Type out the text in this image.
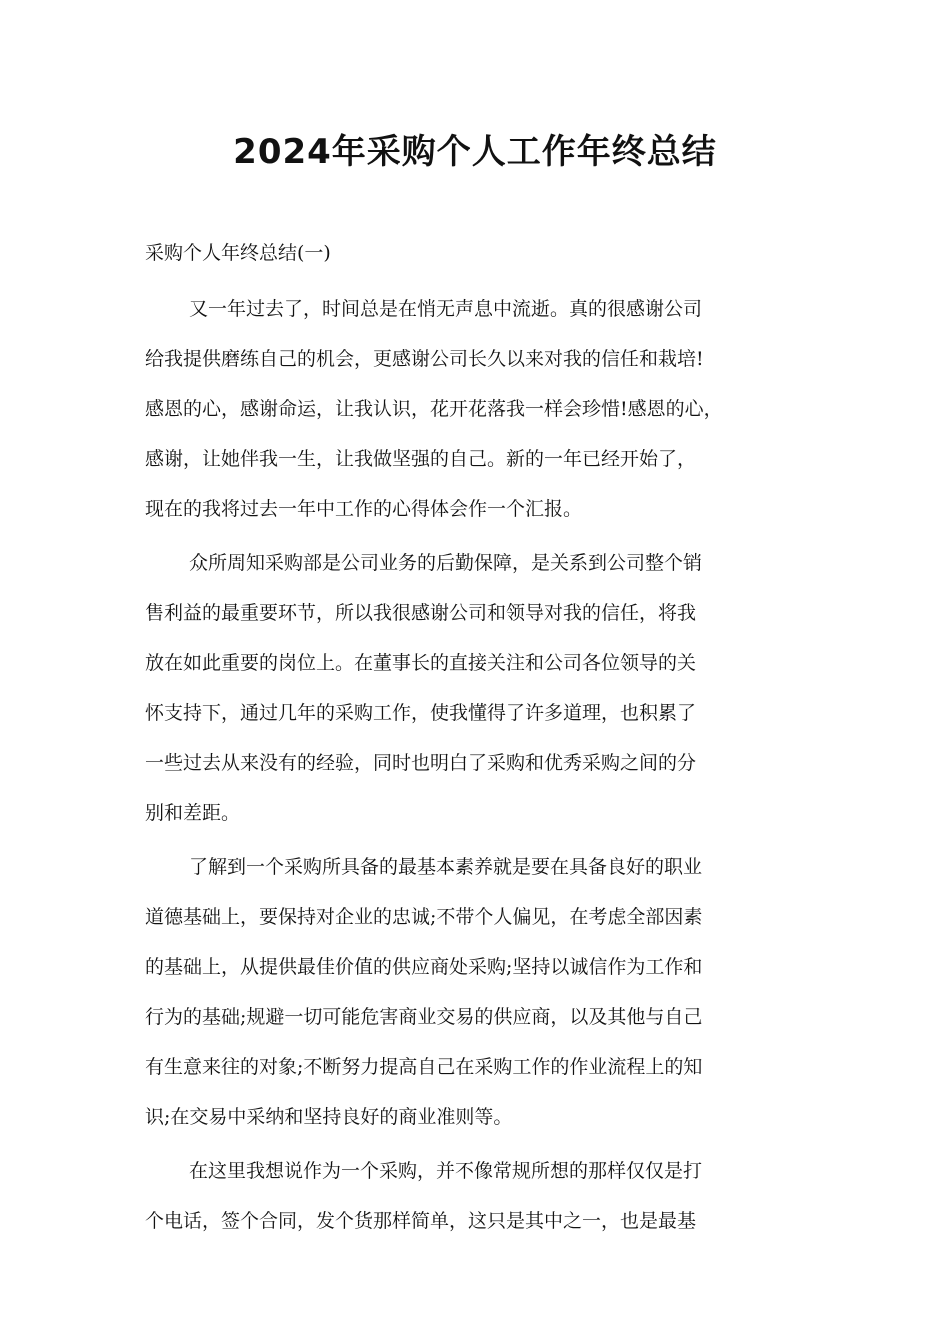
2024年采购个人工作年终总结
采购个人年终总结(一)
又一年过去了，时间总是在悄无声息中流逝。真的很感谢公司
给我提供磨练自己的机会，更感谢公司长久以来对我的信任和栽培!
感恩的心，感谢命运，让我认识，花开花落我一样会珍惜!感恩的心，
感谢，让她伴我一生，让我做坚强的自己。新的一年已经开始了，
现在的我将过去一年中工作的心得体会作一个汇报。
众所周知采购部是公司业务的后勤保障，是关系到公司整个销
售利益的最重要环节，所以我很感谢公司和领导对我的信任，将我
放在如此重要的岗位上。在董事长的直接关注和公司各位领导的关
怀支持下，通过几年的采购工作，使我懂得了许多道理，也积累了
一些过去从来没有的经验，同时也明白了采购和优秀采购之间的分
别和差距。
了解到一个采购所具备的最基本素养就是要在具备良好的职业
道德基础上，要保持对企业的忠诚;不带个人偏见，在考虑全部因素
的基础上，从提供最佳价值的供应商处采购;坚持以诚信作为工作和
行为的基础;规避一切可能危害商业交易的供应商，以及其他与自己
有生意来往的对象;不断努力提高自己在采购工作的作业流程上的知
识;在交易中采纳和坚持良好的商业准则等。
在这里我想说作为一个采购，并不像常规所想的那样仅仅是打
个电话，签个合同，发个货那样简单，这只是其中之一，也是最基
